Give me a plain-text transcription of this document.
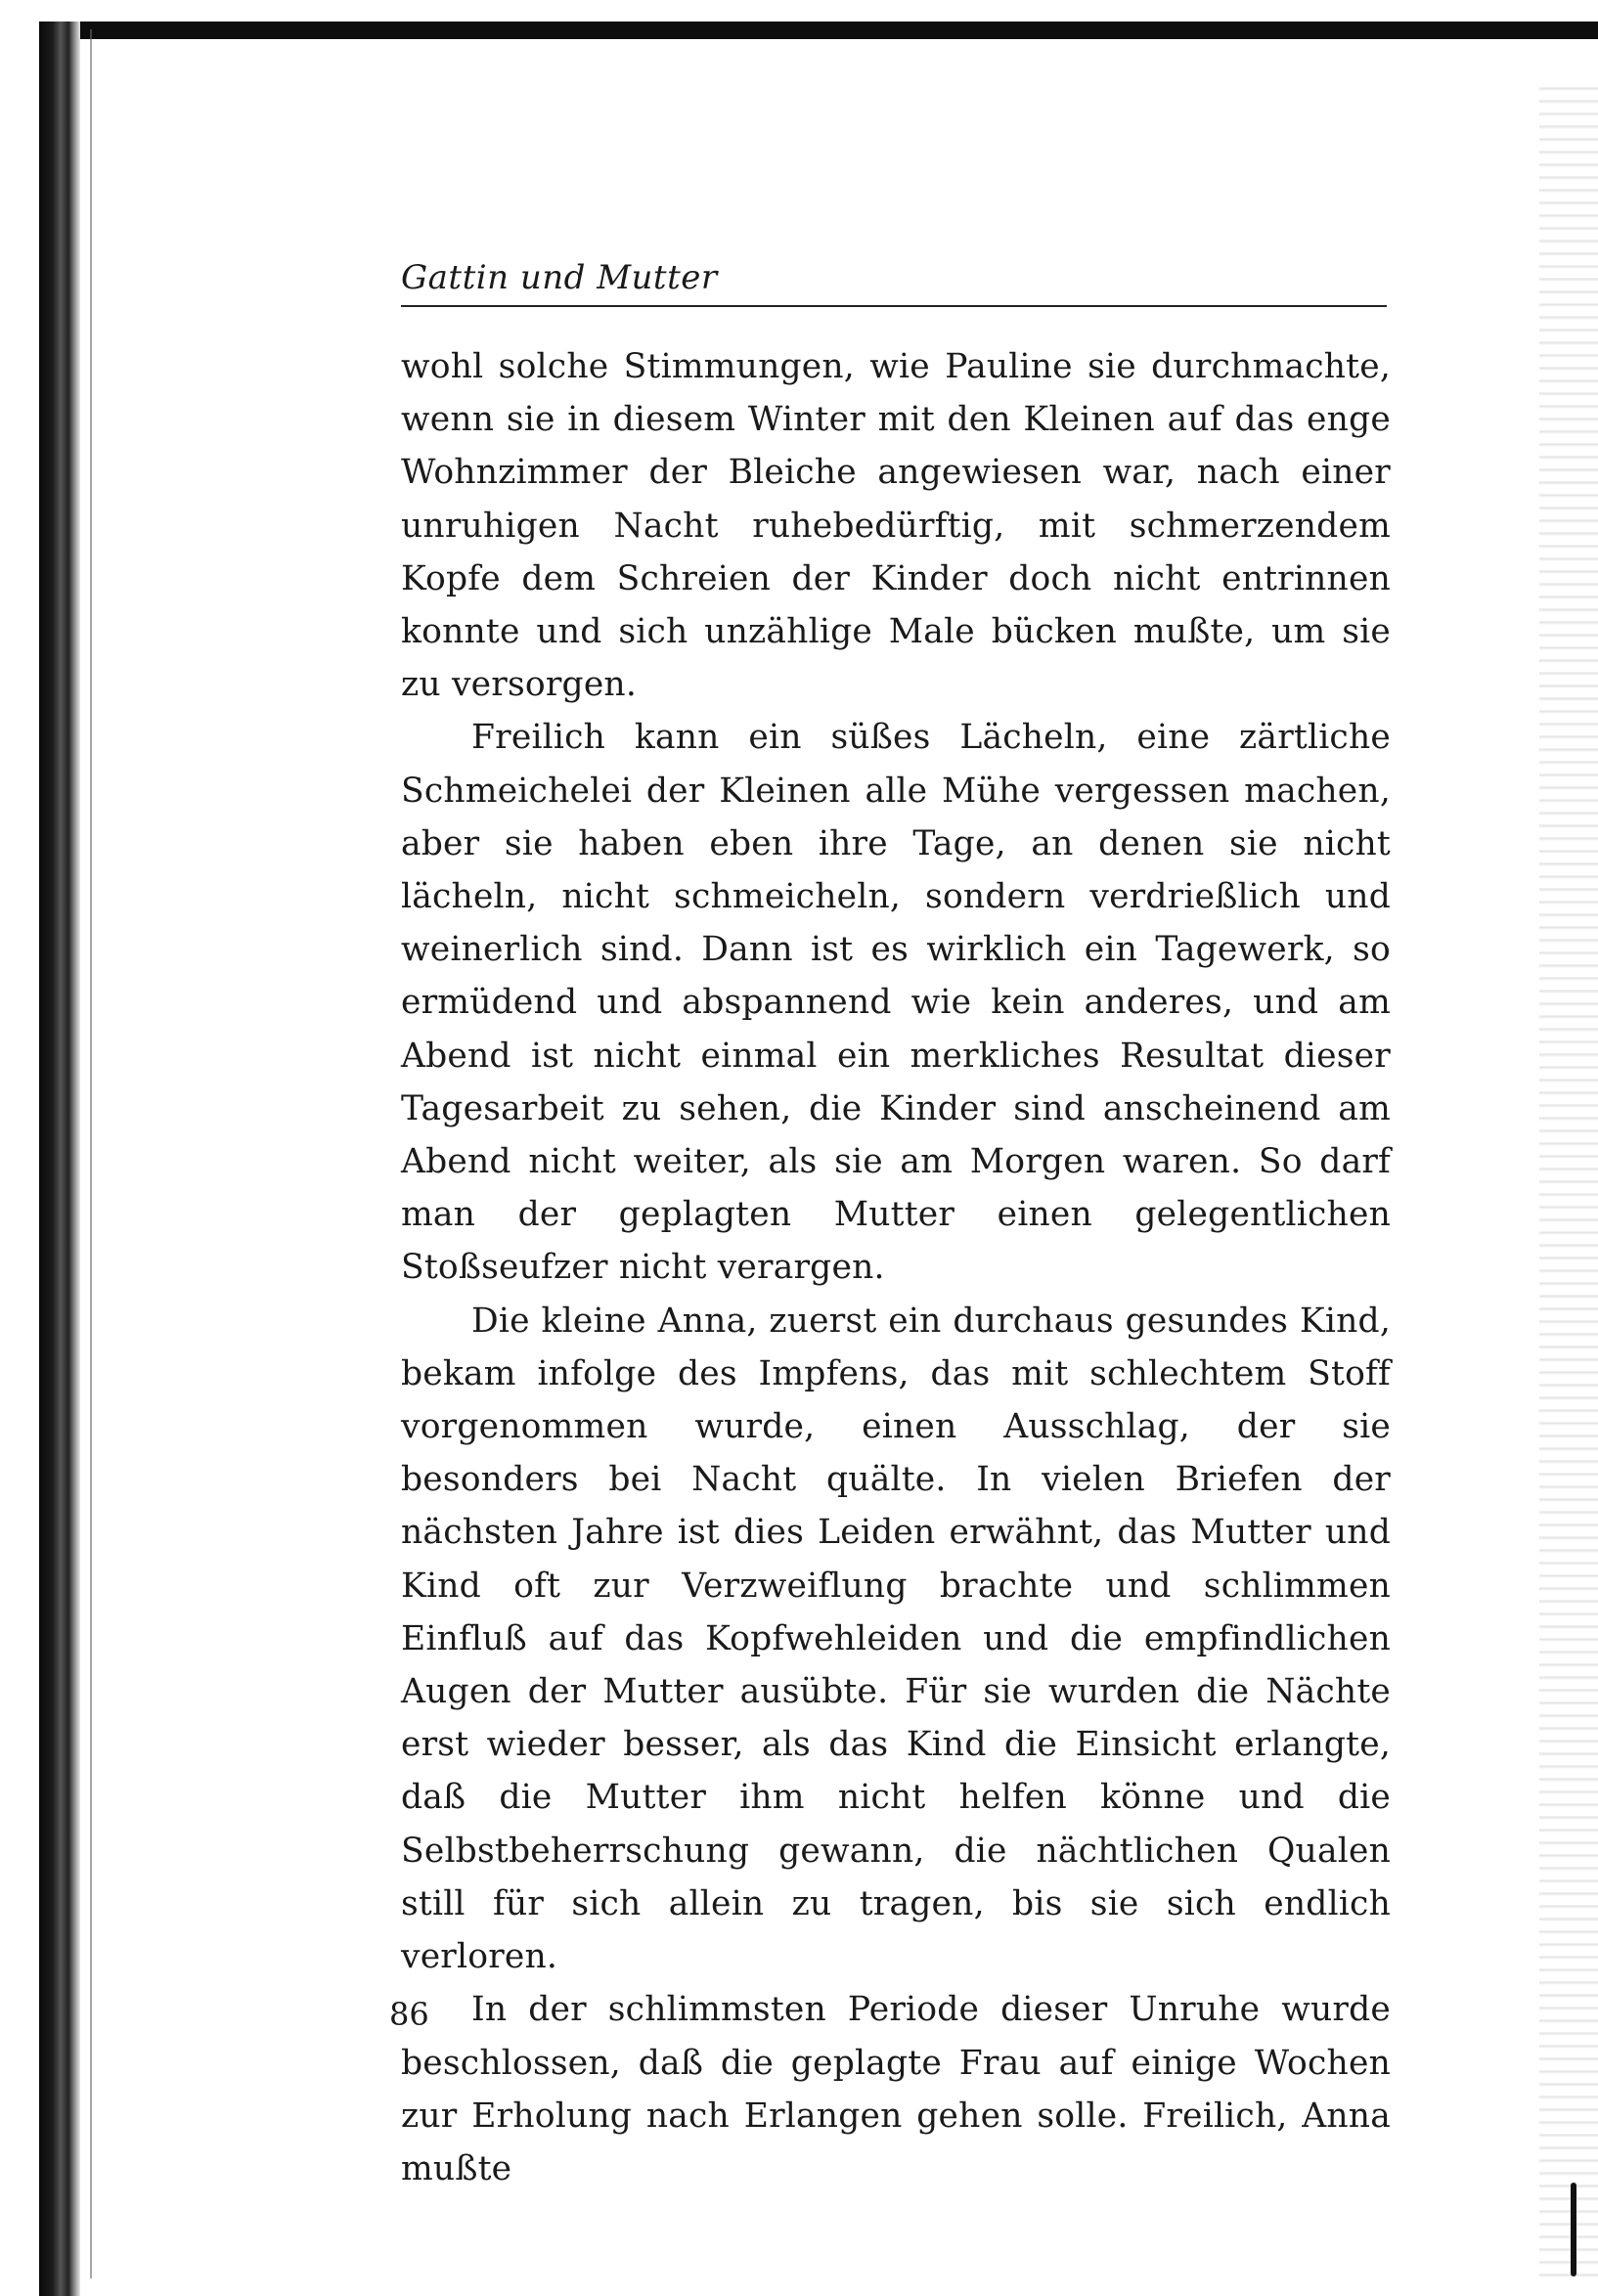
Gattin und Mutter

wohl solche Stimmungen, wie Pauline sie durchmachte, wenn sie in diesem Winter mit den Kleinen auf das enge Wohnzimmer der Bleiche angewiesen war, nach einer unruhigen Nacht ruhebedürftig, mit schmerzendem Kopfe dem Schreien der Kinder doch nicht entrinnen konnte und sich unzählige Male bücken mußte, um sie zu versorgen.

Freilich kann ein süßes Lächeln, eine zärtliche Schmeichelei der Kleinen alle Mühe vergessen machen, aber sie haben eben ihre Tage, an denen sie nicht lächeln, nicht schmeicheln, sondern verdrießlich und weinerlich sind. Dann ist es wirklich ein Tagewerk, so ermüdend und abspannend wie kein anderes, und am Abend ist nicht einmal ein merkliches Resultat dieser Tagesarbeit zu sehen, die Kinder sind anscheinend am Abend nicht weiter, als sie am Morgen waren. So darf man der geplagten Mutter einen gelegentlichen Stoßseufzer nicht verargen.

Die kleine Anna, zuerst ein durchaus gesundes Kind, bekam infolge des Impfens, das mit schlechtem Stoff vorgenommen wurde, einen Ausschlag, der sie besonders bei Nacht quälte. In vielen Briefen der nächsten Jahre ist dies Leiden erwähnt, das Mutter und Kind oft zur Verzweiflung brachte und schlimmen Einfluß auf das Kopfwehleiden und die empfindlichen Augen der Mutter ausübte. Für sie wurden die Nächte erst wieder besser, als das Kind die Einsicht erlangte, daß die Mutter ihm nicht helfen könne und die Selbstbeherrschung gewann, die nächtlichen Qualen still für sich allein zu tragen, bis sie sich endlich verloren.

In der schlimmsten Periode dieser Unruhe wurde beschlossen, daß die geplagte Frau auf einige Wochen zur Erholung nach Erlangen gehen solle. Freilich, Anna mußte

86
